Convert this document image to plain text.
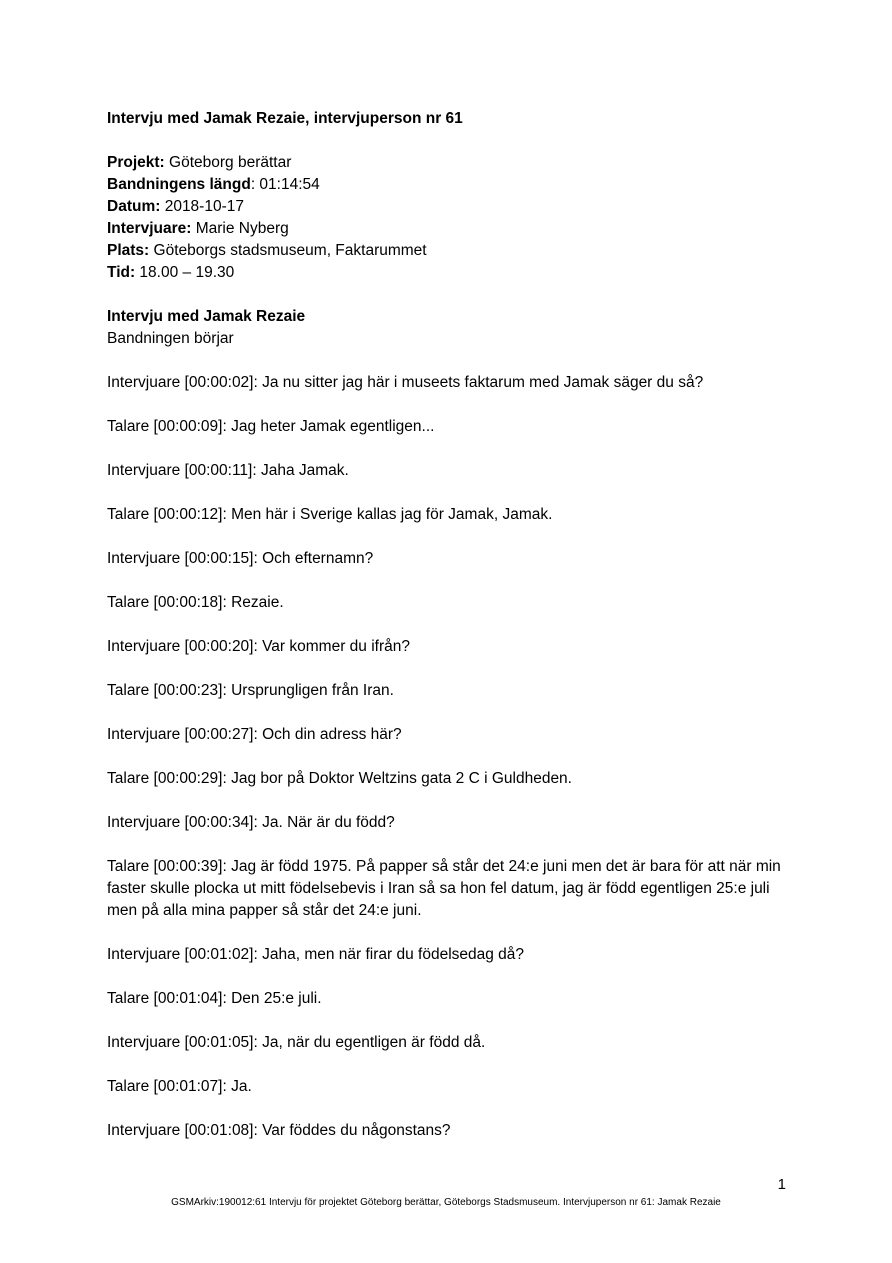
Intervju med Jamak Rezaie, intervjuperson nr 61

Projekt: Göteborg berättar
Bandningens längd: 01:14:54
Datum: 2018-10-17
Intervjuare: Marie Nyberg
Plats: Göteborgs stadsmuseum, Faktarummet
Tid: 18.00 – 19.30
Intervju med Jamak Rezaie
Bandningen börjar

Intervjuare [00:00:02]: Ja nu sitter jag här i museets faktarum med Jamak säger du så?

Talare [00:00:09]: Jag heter Jamak egentligen...

Intervjuare [00:00:11]: Jaha Jamak.

Talare [00:00:12]: Men här i Sverige kallas jag för Jamak, Jamak.

Intervjuare [00:00:15]: Och efternamn?

Talare [00:00:18]: Rezaie.

Intervjuare [00:00:20]: Var kommer du ifrån?

Talare [00:00:23]: Ursprungligen från Iran.

Intervjuare [00:00:27]: Och din adress här?

Talare [00:00:29]: Jag bor på Doktor Weltzins gata 2 C i Guldheden.

Intervjuare [00:00:34]: Ja. När är du född?

Talare [00:00:39]: Jag är född 1975. På papper så står det 24:e juni men det är bara för att när min faster skulle plocka ut mitt födelsebevis i Iran så sa hon fel datum, jag är född egentligen 25:e juli men på alla mina papper så står det 24:e juni.

Intervjuare [00:01:02]: Jaha, men när firar du födelsedag då?

Talare [00:01:04]: Den 25:e juli.

Intervjuare [00:01:05]: Ja, när du egentligen är född då.

Talare [00:01:07]: Ja.

Intervjuare [00:01:08]: Var föddes du någonstans?

1
GSMArkiv:190012:61 Intervju för projektet Göteborg berättar, Göteborgs Stadsmuseum. Intervjuperson nr 61: Jamak Rezaie
